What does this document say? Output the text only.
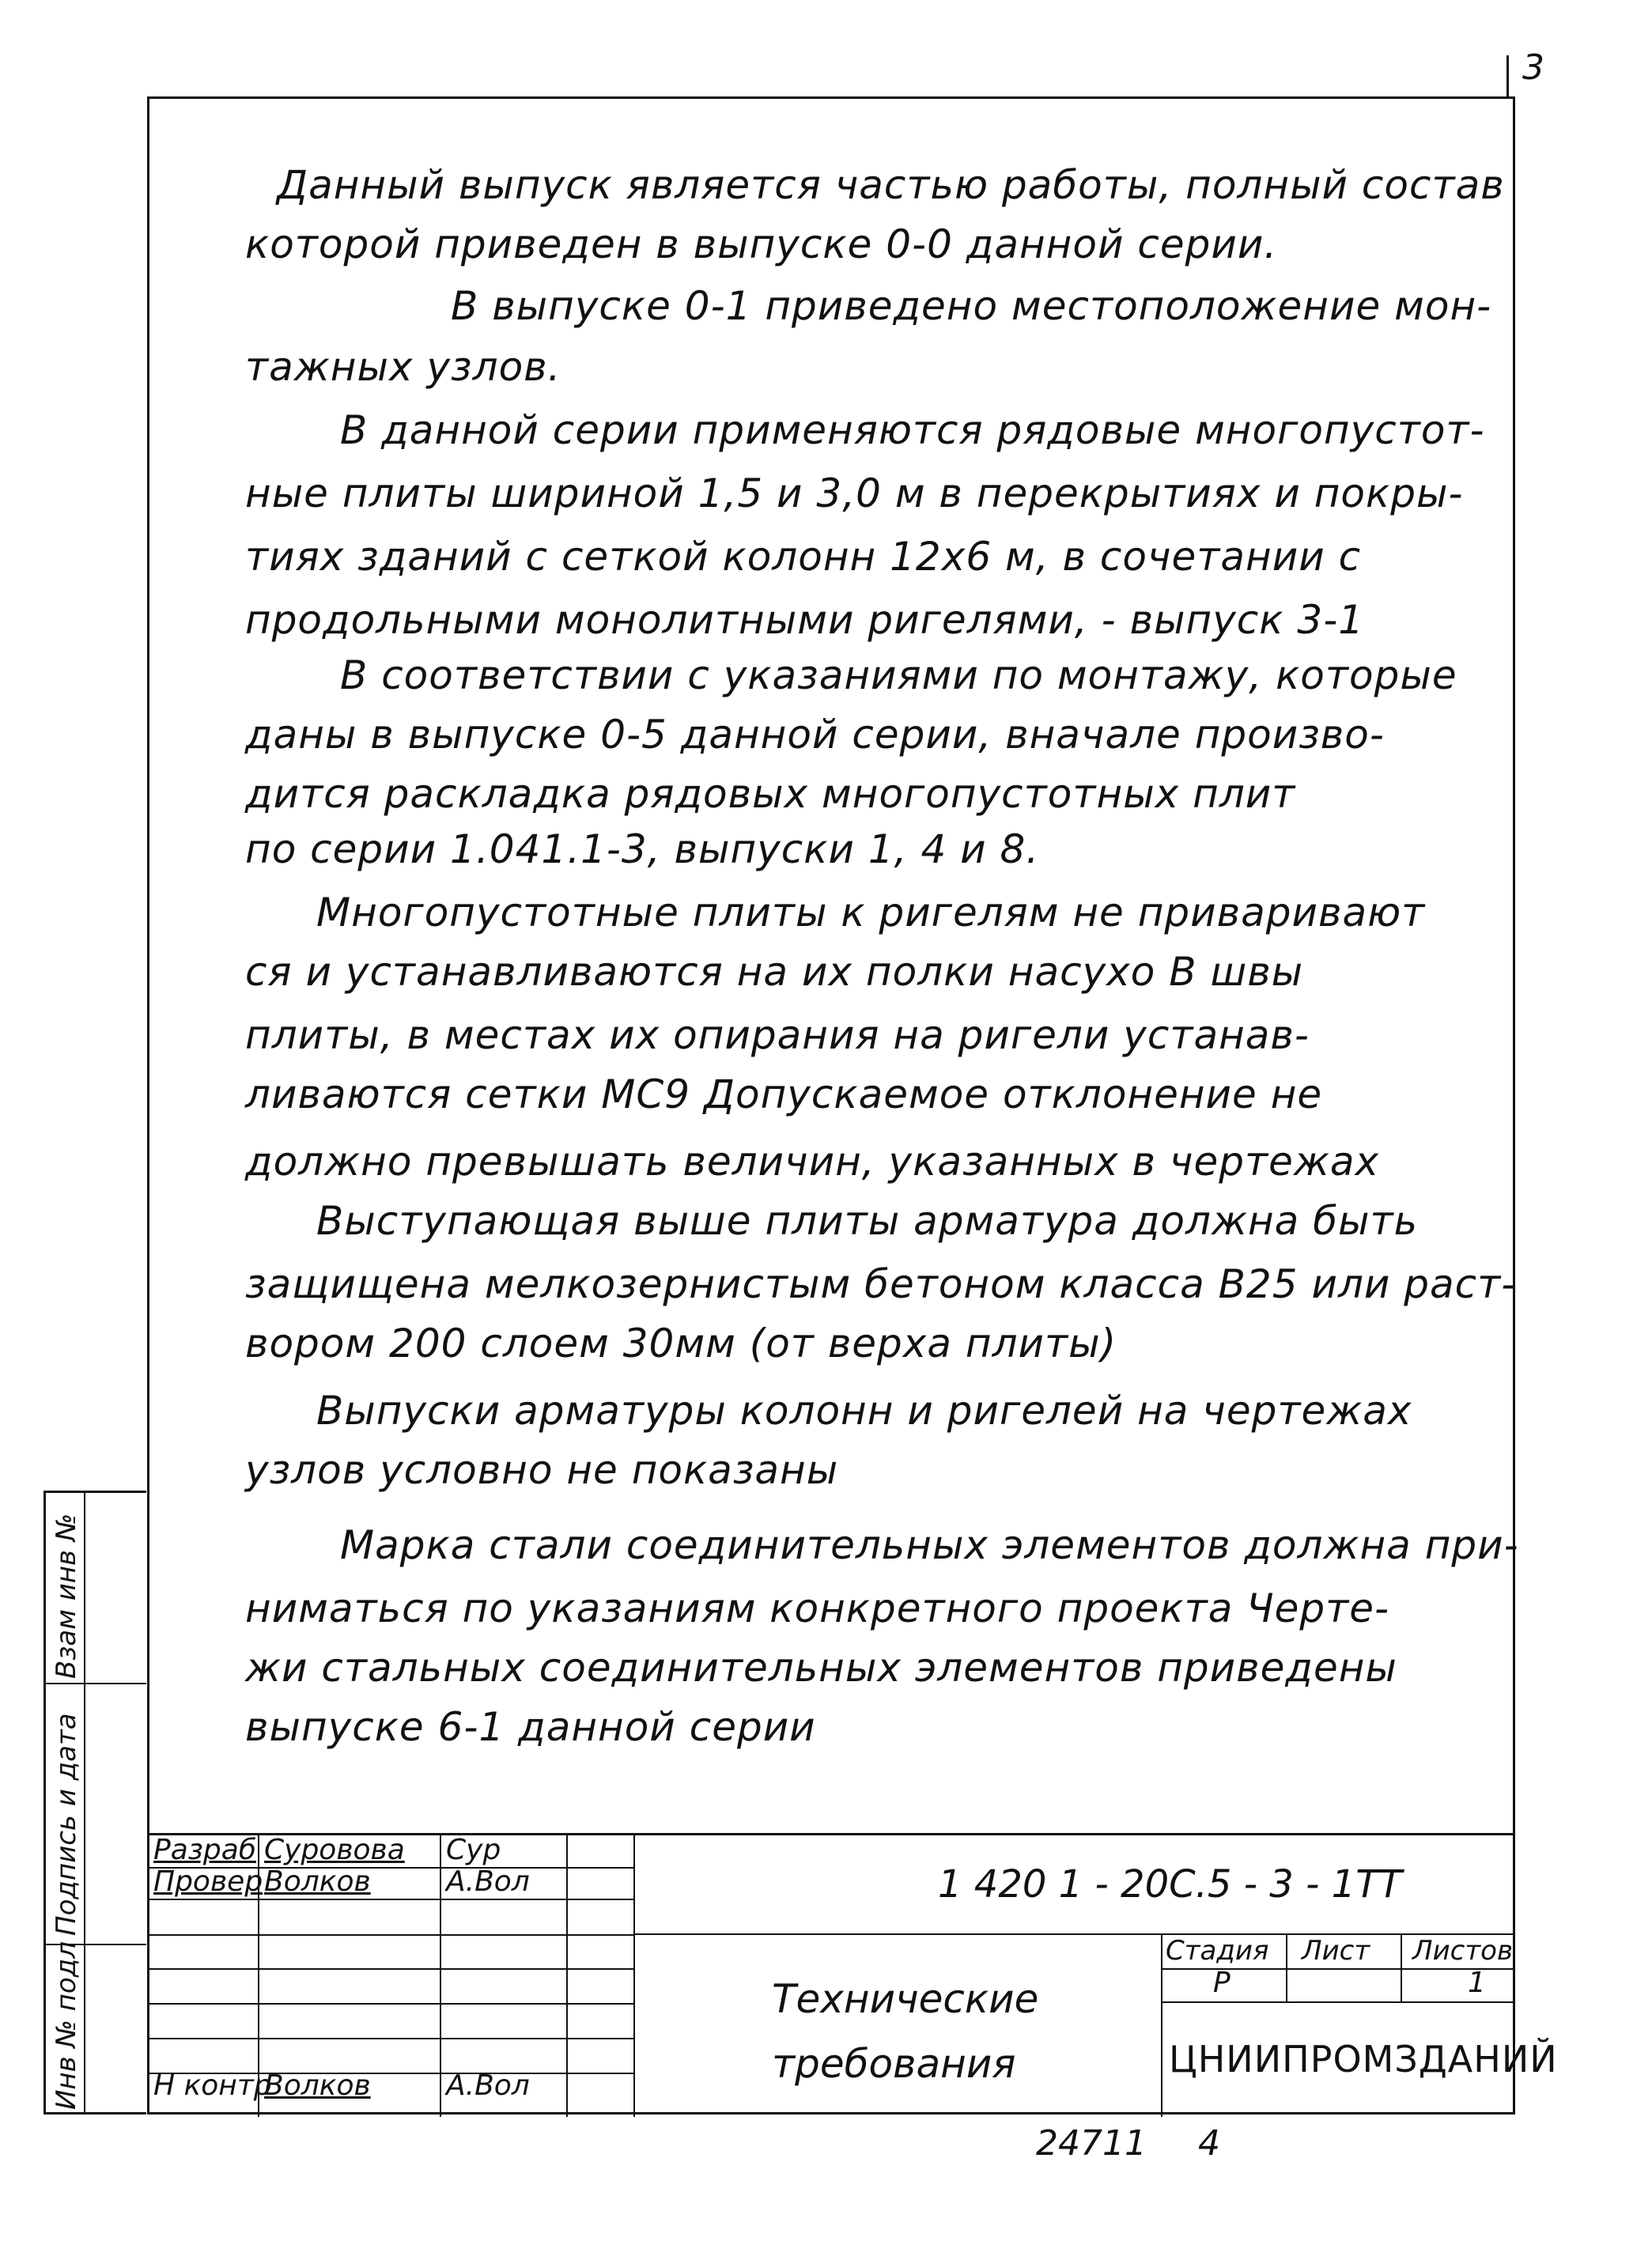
3
Данный выпуск является частью работы, полный состав
которой приведен в выпуске 0-0 данной серии.
В выпуске 0-1 приведено местоположение мон-
тажных узлов.
В данной серии применяются рядовые многопустот-
ные плиты шириной 1,5 и 3,0 м в перекрытиях и покры-
тиях зданий с сеткой колонн 12х6 м, в сочетании с
продольными монолитными ригелями, - выпуск 3-1
В соответствии с указаниями по монтажу, которые
даны в выпуске 0-5 данной серии, вначале произво-
дится раскладка рядовых многопустотных плит
по серии 1.041.1-3, выпуски 1, 4 и 8.
Многопустотные плиты к ригелям не приваривают
ся и устанавливаются на их полки насухо В швы
плиты, в местах их опирания на ригели устанав-
ливаются сетки МС9 Допускаемое отклонение не
должно превышать величин, указанных в чертежах
Выступающая выше плиты арматура должна быть
защищена мелкозернистым бетоном класса В25 или раст-
вором 200 слоем 30мм (от верха плиты)
Выпуски арматуры колонн и ригелей на чертежах
узлов условно не показаны
Марка стали соединительных элементов должна при-
ниматься по указаниям конкретного проекта Черте-
жи стальных соединительных элементов приведены
выпуске 6-1 данной серии
Взам инв №
Подпись и дата
Инв № подл
Разраб
Провер
Н контр
Суровова
Волков
Волков
Сур
А.Вол
А.Вол
1 420 1 - 20С.5 - 3 - 1ТТ
Технические
требования
Стадия Лист Листов
Р	1
ЦНИИПРОМЗДАНИЙ
24711 4
